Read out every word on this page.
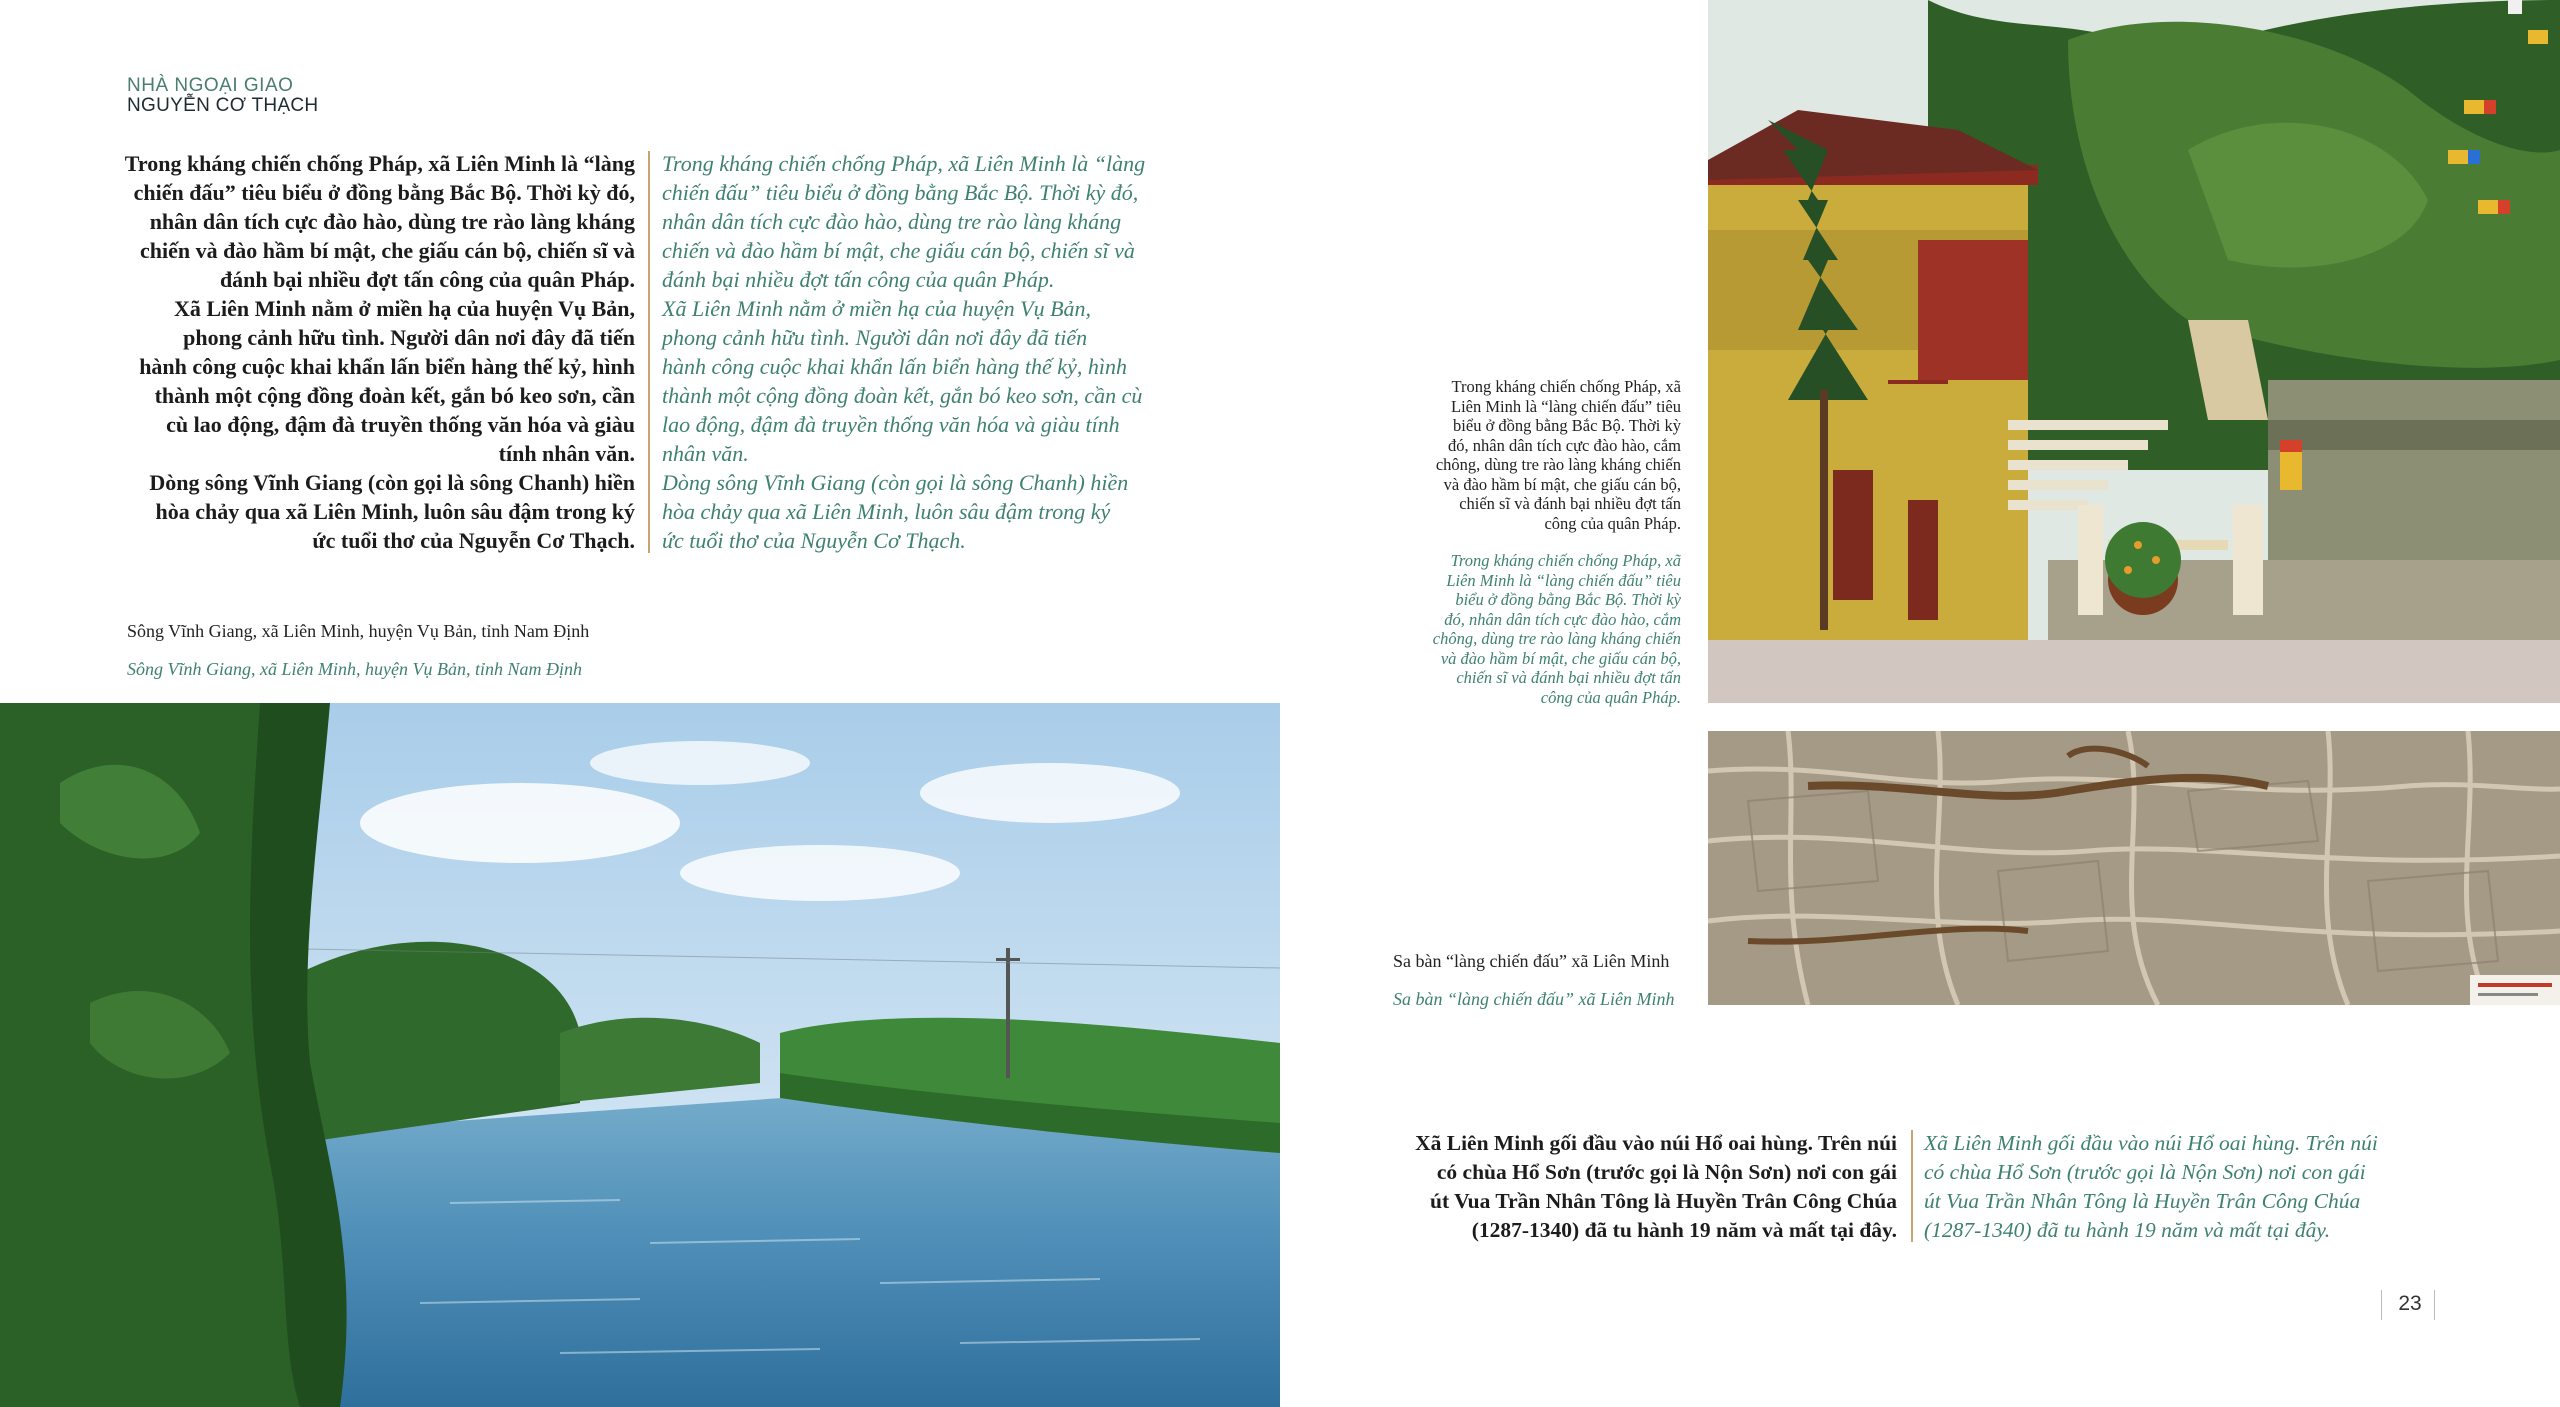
NHÀ NGOẠI GIAO
NGUYỄN CƠ THẠCH
Trong kháng chiến chống Pháp, xã Liên Minh là “làng
chiến đấu” tiêu biểu ở đồng bằng Bắc Bộ. Thời kỳ đó,
nhân dân tích cực đào hào, dùng tre rào làng kháng
chiến và đào hầm bí mật, che giấu cán bộ, chiến sĩ và
đánh bại nhiều đợt tấn công của quân Pháp.
Xã Liên Minh nằm ở miền hạ của huyện Vụ Bản,
phong cảnh hữu tình. Người dân nơi đây đã tiến
hành công cuộc khai khẩn lấn biển hàng thế kỷ, hình
thành một cộng đồng đoàn kết, gắn bó keo sơn, cần
cù lao động, đậm đà truyền thống văn hóa và giàu
tính nhân văn.
Dòng sông Vĩnh Giang (còn gọi là sông Chanh) hiền
hòa chảy qua xã Liên Minh, luôn sâu đậm trong ký
ức tuổi thơ của Nguyễn Cơ Thạch.
Trong kháng chiến chống Pháp, xã Liên Minh là “làng
chiến đấu” tiêu biểu ở đồng bằng Bắc Bộ. Thời kỳ đó,
nhân dân tích cực đào hào, dùng tre rào làng kháng
chiến và đào hầm bí mật, che giấu cán bộ, chiến sĩ và
đánh bại nhiều đợt tấn công của quân Pháp.
Xã Liên Minh nằm ở miền hạ của huyện Vụ Bản,
phong cảnh hữu tình. Người dân nơi đây đã tiến
hành công cuộc khai khẩn lấn biển hàng thế kỷ, hình
thành một cộng đồng đoàn kết, gắn bó keo sơn, cần cù
lao động, đậm đà truyền thống văn hóa và giàu tính
nhân văn.
Dòng sông Vĩnh Giang (còn gọi là sông Chanh) hiền
hòa chảy qua xã Liên Minh, luôn sâu đậm trong ký
ức tuổi thơ của Nguyễn Cơ Thạch.
Sông Vĩnh Giang, xã Liên Minh, huyện Vụ Bản, tỉnh Nam Định
Sông Vĩnh Giang, xã Liên Minh, huyện Vụ Bản, tỉnh Nam Định
Trong kháng chiến chống Pháp, xã
Liên Minh là “làng chiến đấu” tiêu
biểu ở đồng bằng Bắc Bộ. Thời kỳ
đó, nhân dân tích cực đào hào, cắm
chông, dùng tre rào làng kháng chiến
và đào hầm bí mật, che giấu cán bộ,
chiến sĩ và đánh bại nhiều đợt tấn
công của quân Pháp.
Trong kháng chiến chống Pháp, xã
Liên Minh là “làng chiến đấu” tiêu
biểu ở đồng bằng Bắc Bộ. Thời kỳ
đó, nhân dân tích cực đào hào, cắm
chông, dùng tre rào làng kháng chiến
và đào hầm bí mật, che giấu cán bộ,
chiến sĩ và đánh bại nhiều đợt tấn
công của quân Pháp.
Sa bàn “làng chiến đấu” xã Liên Minh
Sa bàn “làng chiến đấu” xã Liên Minh
Xã Liên Minh gối đầu vào núi Hổ oai hùng. Trên núi
có chùa Hổ Sơn (trước gọi là Nộn Sơn) nơi con gái
út Vua Trần Nhân Tông là Huyền Trân Công Chúa
(1287-1340) đã tu hành 19 năm và mất tại đây.
Xã Liên Minh gối đầu vào núi Hổ oai hùng. Trên núi
có chùa Hổ Sơn (trước gọi là Nộn Sơn) nơi con gái
út Vua Trần Nhân Tông là Huyền Trân Công Chúa
(1287-1340) đã tu hành 19 năm và mất tại đây.
23
